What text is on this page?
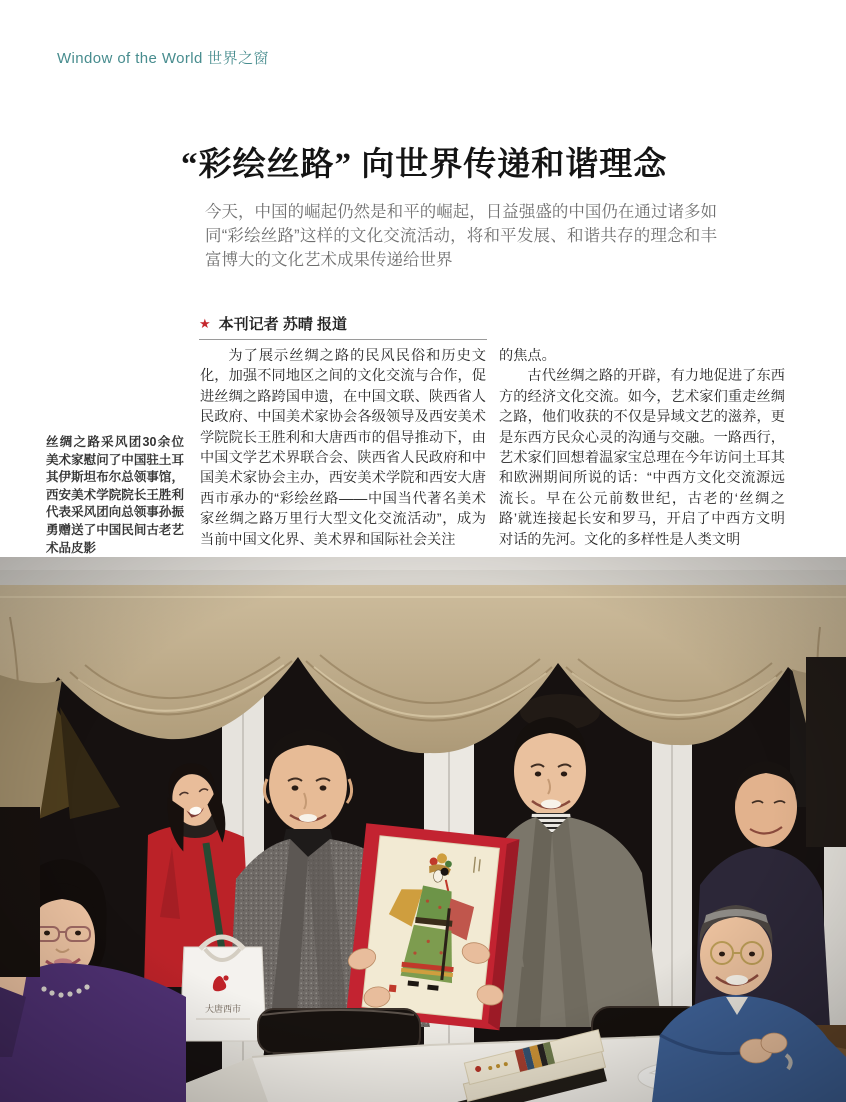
Window of the World 世界之窗
“彩绘丝路” 向世界传递和谐理念

今天，中国的崛起仍然是和平的崛起，日益强盛的中国仍在通过诸多如同“彩绘丝路”这样的文化交流活动，将和平发展、和谐共存的理念和丰富博大的文化艺术成果传递给世界

★ 本刊记者 苏晴 报道

为了展示丝绸之路的民风民俗和历史文化，加强不同地区之间的文化交流与合作，促进丝绸之路跨国申遗，在中国文联、陕西省人民政府、中国美术家协会各级领导及西安美术学院院长王胜利和大唐西市的倡导推动下，由中国文学艺术界联合会、陕西省人民政府和中国美术家协会主办，西安美术学院和西安大唐西市承办的“彩绘丝路——中国当代著名美术家丝绸之路万里行大型文化交流活动”，成为当前中国文化界、美术界和国际社会关注

的焦点。

古代丝绸之路的开辟，有力地促进了东西方的经济文化交流。如今，艺术家们重走丝绸之路，他们收获的不仅是异域文艺的滋养，更是东西方民众心灵的沟通与交融。一路西行，艺术家们回想着温家宝总理在今年访问土耳其和欧洲期间所说的话：“中西方文化交流源远流长。早在公元前数世纪，古老的‘丝绸之路’就连接起长安和罗马，开启了中西方文明对话的先河。文化的多样性是人类文明

丝绸之路采风团30余位美术家慰问了中国驻土耳其伊斯坦布尔总领事馆，西安美术学院院长王胜利代表采风团向总领事孙振勇赠送了中国民间古老艺术品皮影
